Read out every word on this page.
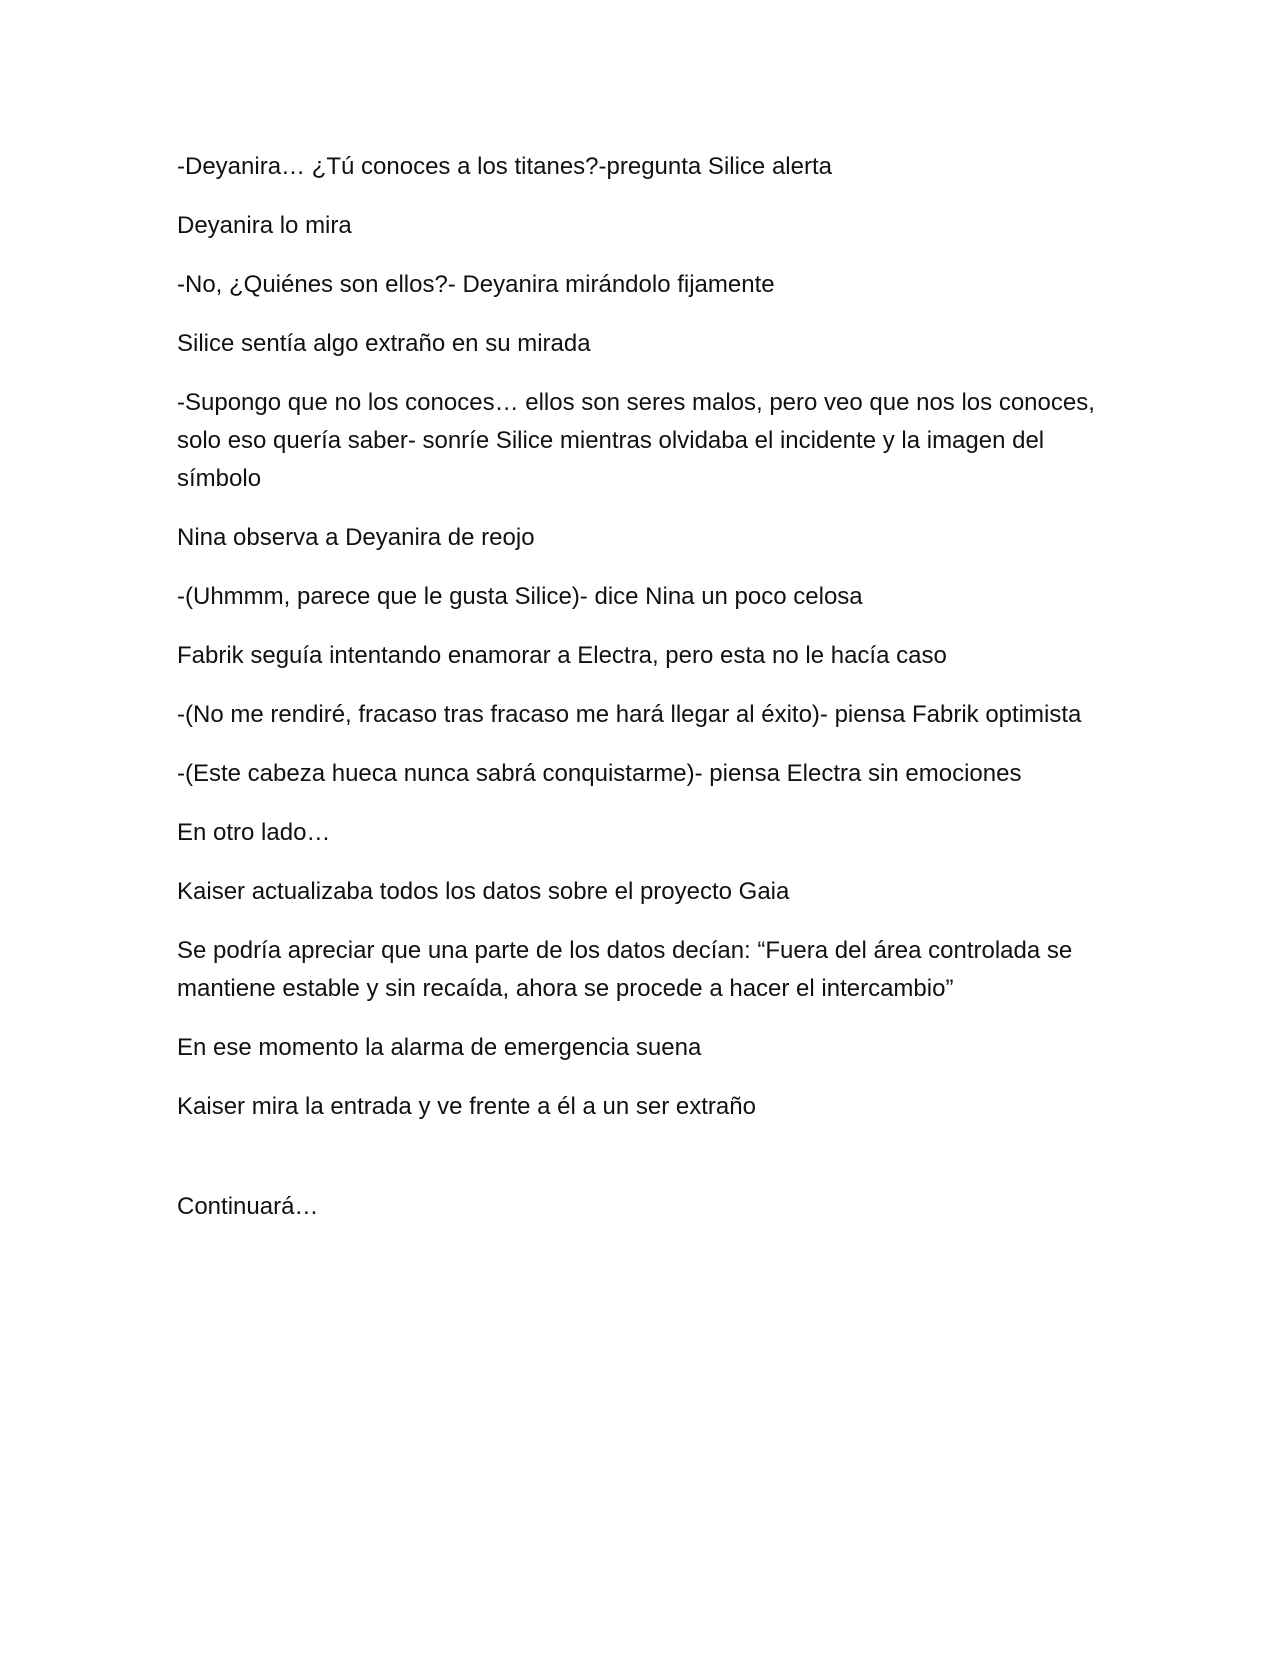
-Deyanira… ¿Tú conoces a los titanes?-pregunta Silice alerta

Deyanira lo mira

-No, ¿Quiénes son ellos?- Deyanira mirándolo fijamente

Silice sentía algo extraño en su mirada

-Supongo que no los conoces… ellos son seres malos, pero veo que nos los conoces, solo eso quería saber- sonríe Silice mientras olvidaba el incidente y la imagen del símbolo

Nina observa a Deyanira de reojo

-(Uhmmm, parece que le gusta Silice)- dice Nina un poco celosa

Fabrik seguía intentando enamorar a Electra, pero esta no le hacía caso

-(No me rendiré, fracaso tras fracaso me hará llegar al éxito)- piensa Fabrik optimista

-(Este cabeza hueca nunca sabrá conquistarme)- piensa Electra sin emociones

En otro lado…

Kaiser actualizaba todos los datos sobre el proyecto Gaia

Se podría apreciar que una parte de los datos decían: “Fuera del área controlada se mantiene estable y sin recaída, ahora se procede a hacer el intercambio”

En ese momento la alarma de emergencia suena

Kaiser mira la entrada y ve frente a él a un ser extraño

Continuará…
